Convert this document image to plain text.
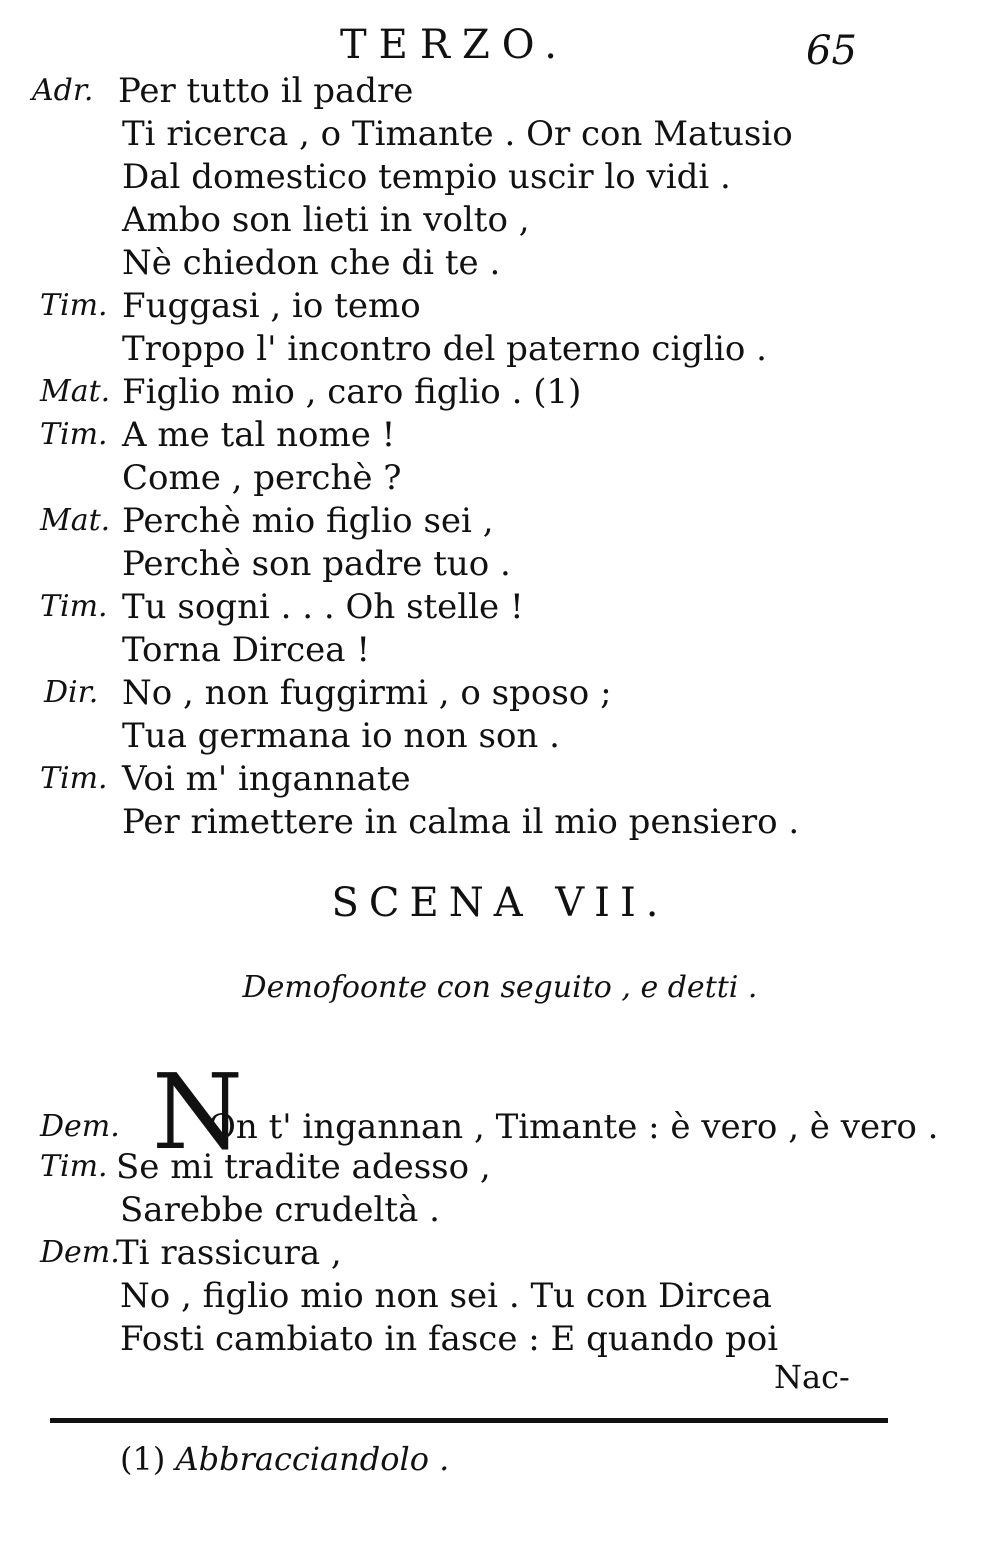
TERZO.	65
Adr. Per tutto il padre
Ti ricerca , o Timante . Or con Matusio
Dal domestico tempio uscir lo vidi .
Ambo son lieti in volto ,
Nè chiedon che di te .
Tim. Fuggasi , io temo
Troppo l' incontro del paterno ciglio .
Mat. Figlio mio , caro figlio . (1)
Tim. A me tal nome !
Come , perchè ?
Mat. Perchè mio figlio sei ,
Perchè son padre tuo .
Tim. Tu sogni . . . Oh stelle !
Torna Dircea !
Dir. No , non fuggirmi , o sposo ;
Tua germana io non son .
Tim. Voi m' ingannate
Per rimettere in calma il mio pensiero .
SCENA VII.
Demofoonte con seguito , e detti .
Dem. N
On t' ingannan , Timante : è vero , è vero .
Tim. Se mi tradite adesso ,
Sarebbe crudeltà .
Dem.
Ti rassicura ,
No , figlio mio non sei . Tu con Dircea
Fosti cambiato in fasce : E quando poi
Nac-
(1) Abbracciandolo .
